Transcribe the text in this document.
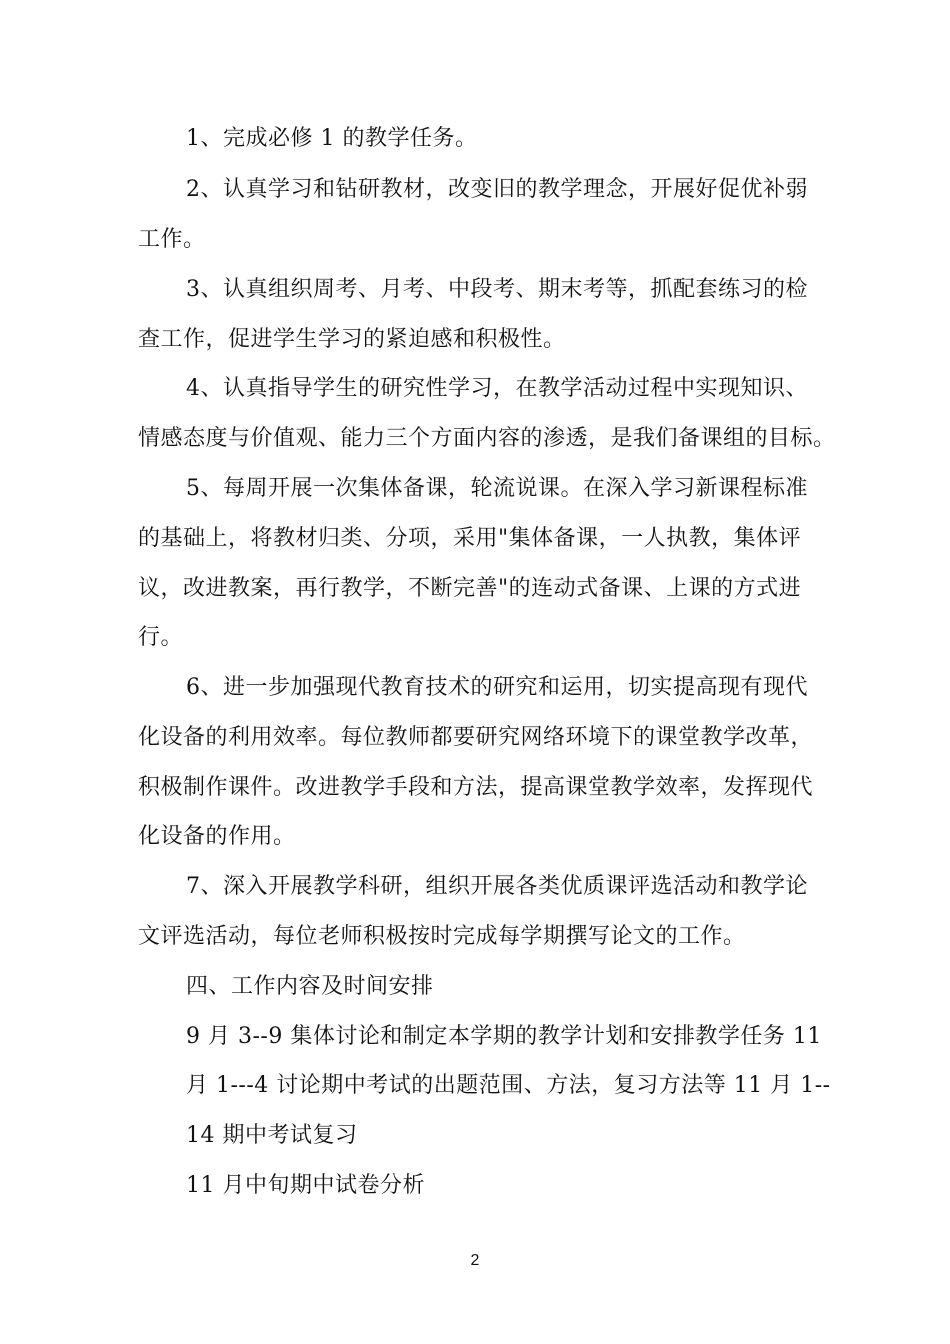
1、完成必修 1 的教学任务。
2、认真学习和钻研教材，改变旧的教学理念，开展好促优补弱
工作。
3、认真组织周考、月考、中段考、期末考等，抓配套练习的检
查工作，促进学生学习的紧迫感和积极性。
4、认真指导学生的研究性学习，在教学活动过程中实现知识、
情感态度与价值观、能力三个方面内容的渗透，是我们备课组的目标。
5、每周开展一次集体备课，轮流说课。在深入学习新课程标准
的基础上，将教材归类、分项，采用"集体备课，一人执教，集体评
议，改进教案，再行教学，不断完善"的连动式备课、上课的方式进
行。
6、进一步加强现代教育技术的研究和运用，切实提高现有现代
化设备的利用效率。每位教师都要研究网络环境下的课堂教学改革，
积极制作课件。改进教学手段和方法，提高课堂教学效率，发挥现代
化设备的作用。
7、深入开展教学科研，组织开展各类优质课评选活动和教学论
文评选活动，每位老师积极按时完成每学期撰写论文的工作。
四、工作内容及时间安排
9 月 3--9 集体讨论和制定本学期的教学计划和安排教学任务 11
月 1---4 讨论期中考试的出题范围、方法，复习方法等 11 月 1--
14 期中考试复习
11 月中旬期中试卷分析
2
